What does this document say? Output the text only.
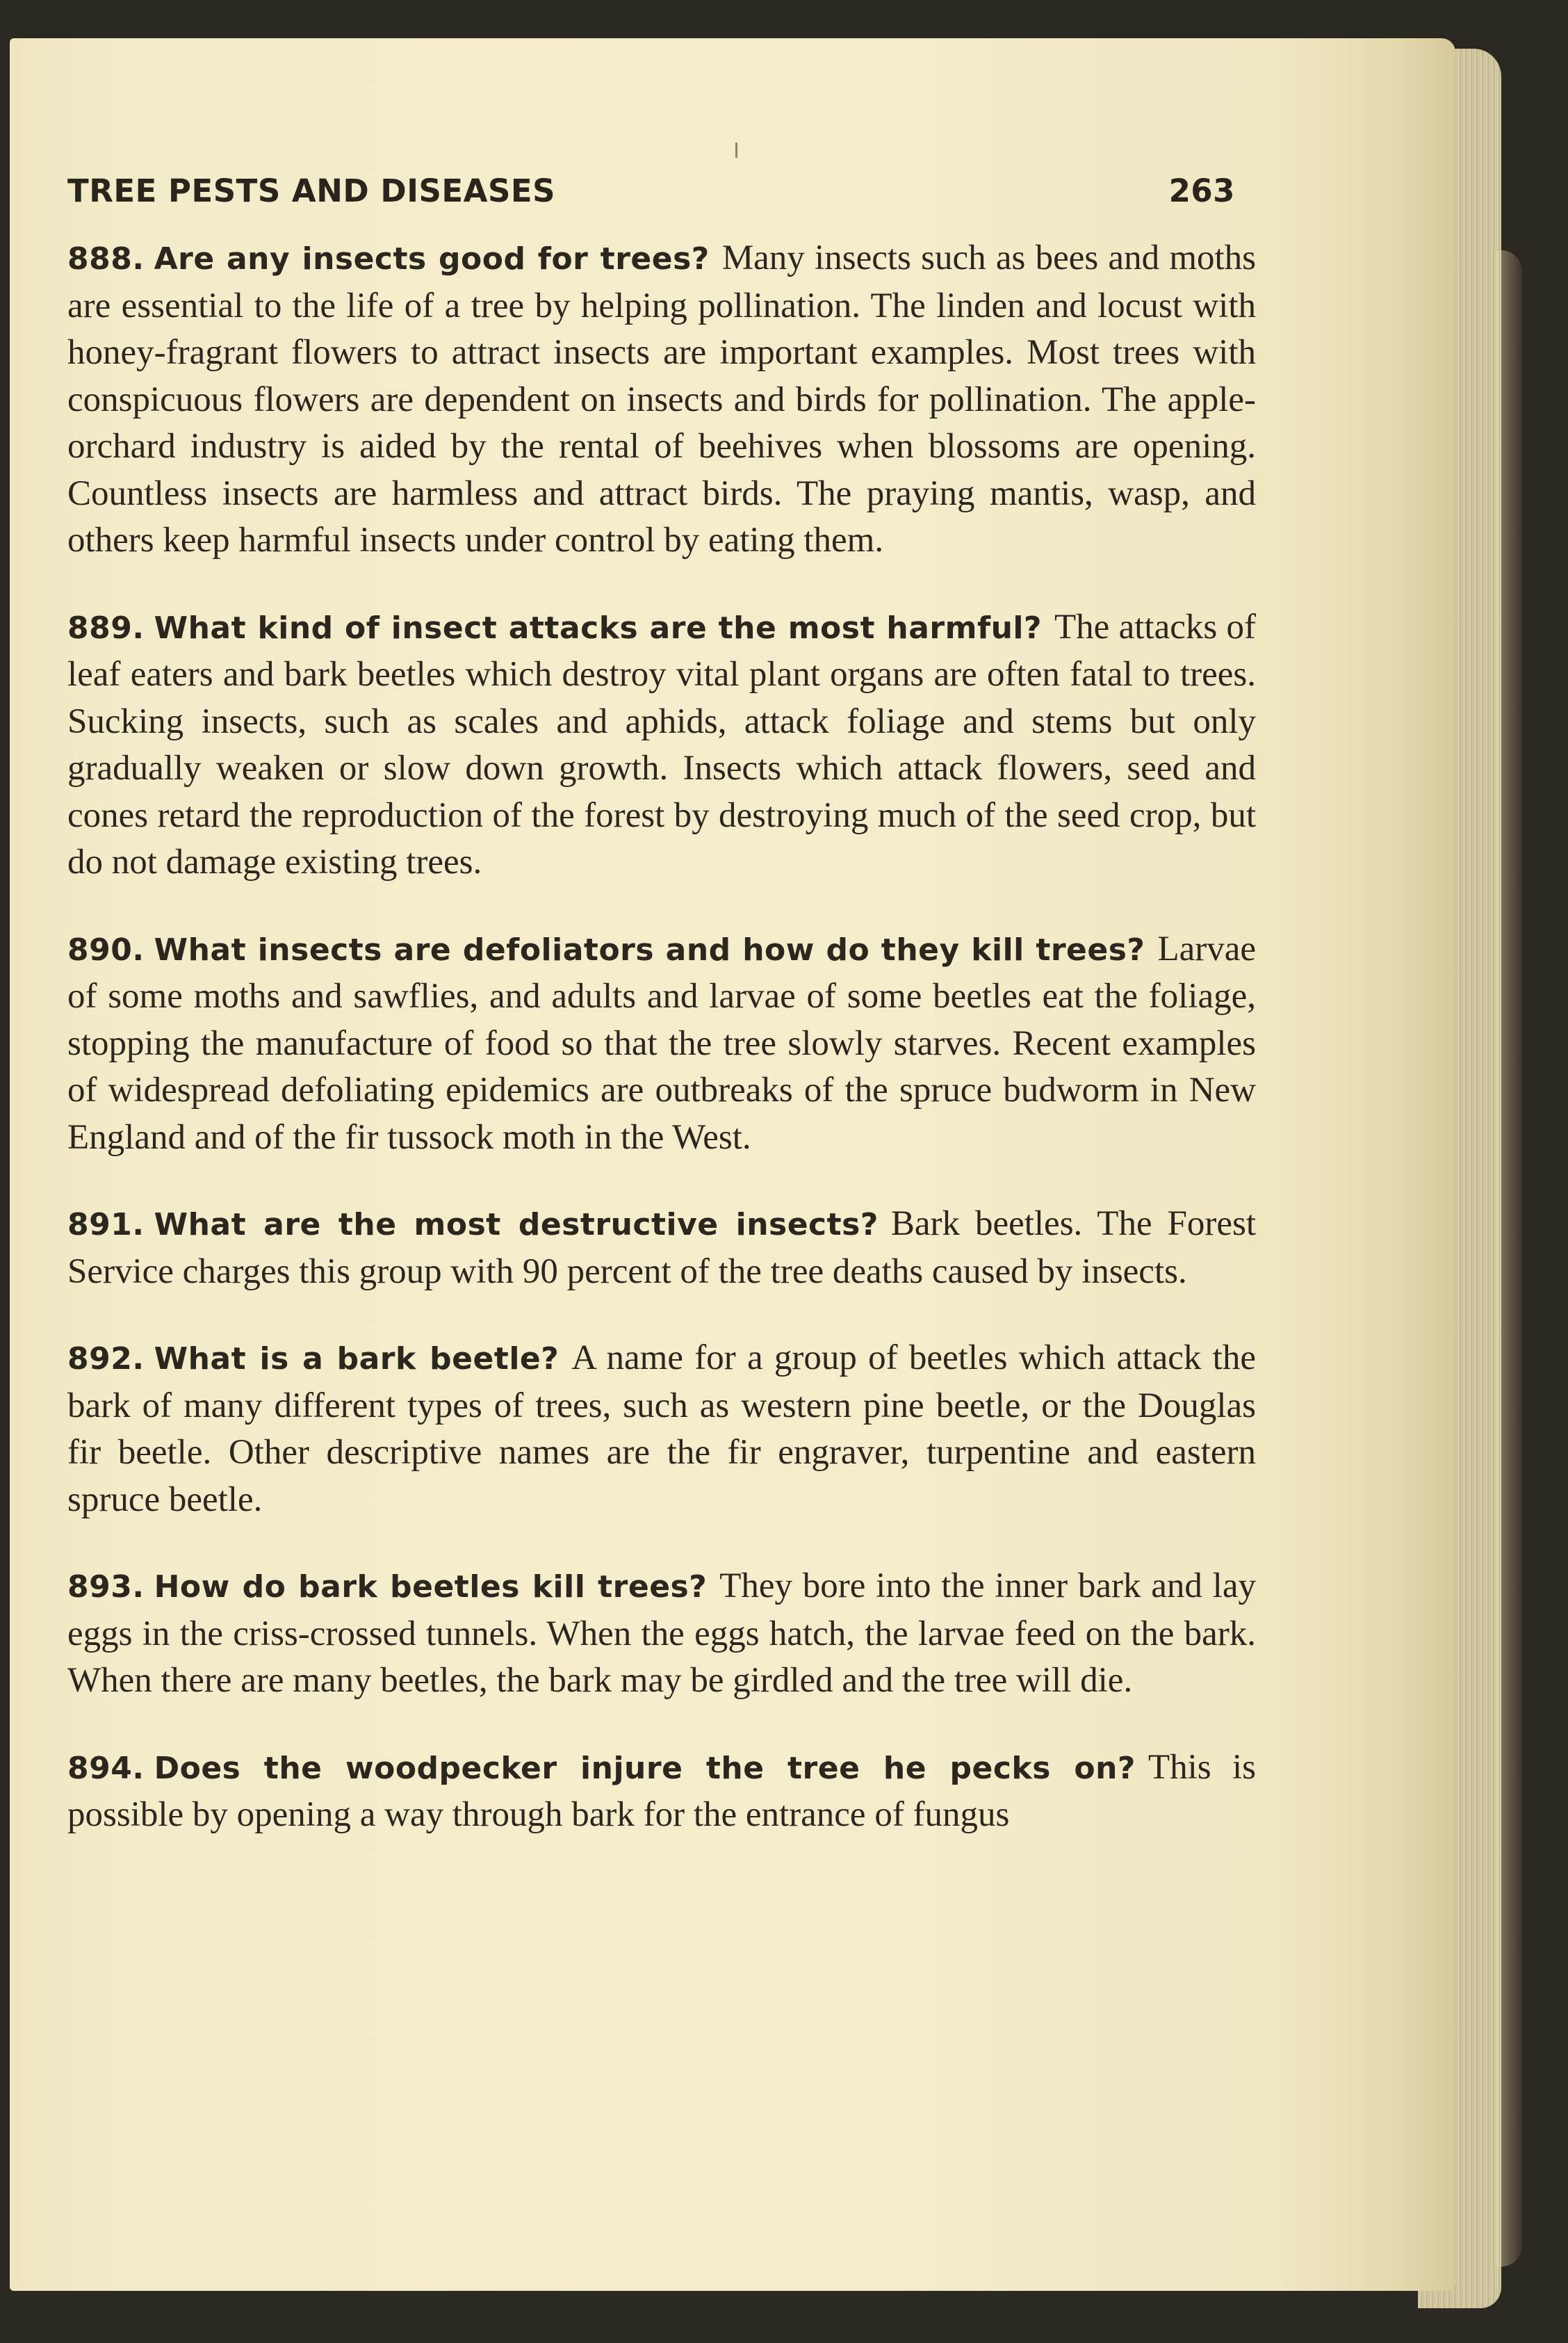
TREE PESTS AND DISEASES	263

888. Are any insects good for trees? Many insects such as bees and moths are essential to the life of a tree by helping pollination. The linden and locust with honey-fragrant flowers to attract insects are important examples. Most trees with conspicuous flowers are dependent on insects and birds for pollination. The apple-orchard industry is aided by the rental of beehives when blossoms are opening. Countless insects are harmless and attract birds. The praying mantis, wasp, and others keep harmful insects under control by eating them.

889. What kind of insect attacks are the most harmful? The attacks of leaf eaters and bark beetles which destroy vital plant organs are often fatal to trees. Sucking insects, such as scales and aphids, attack foliage and stems but only gradually weaken or slow down growth. Insects which attack flowers, seed and cones retard the reproduction of the forest by destroying much of the seed crop, but do not damage existing trees.

890. What insects are defoliators and how do they kill trees? Larvae of some moths and sawflies, and adults and larvae of some beetles eat the foliage, stopping the manufacture of food so that the tree slowly starves. Recent examples of widespread defoliating epidemics are outbreaks of the spruce budworm in New England and of the fir tussock moth in the West.

891. What are the most destructive insects? Bark beetles. The Forest Service charges this group with 90 percent of the tree deaths caused by insects.

892. What is a bark beetle? A name for a group of beetles which attack the bark of many different types of trees, such as western pine beetle, or the Douglas fir beetle. Other descriptive names are the fir engraver, turpentine and eastern spruce beetle.

893. How do bark beetles kill trees? They bore into the inner bark and lay eggs in the criss-crossed tunnels. When the eggs hatch, the larvae feed on the bark. When there are many beetles, the bark may be girdled and the tree will die.

894. Does the woodpecker injure the tree he pecks on? This is possible by opening a way through bark for the entrance of fungus
